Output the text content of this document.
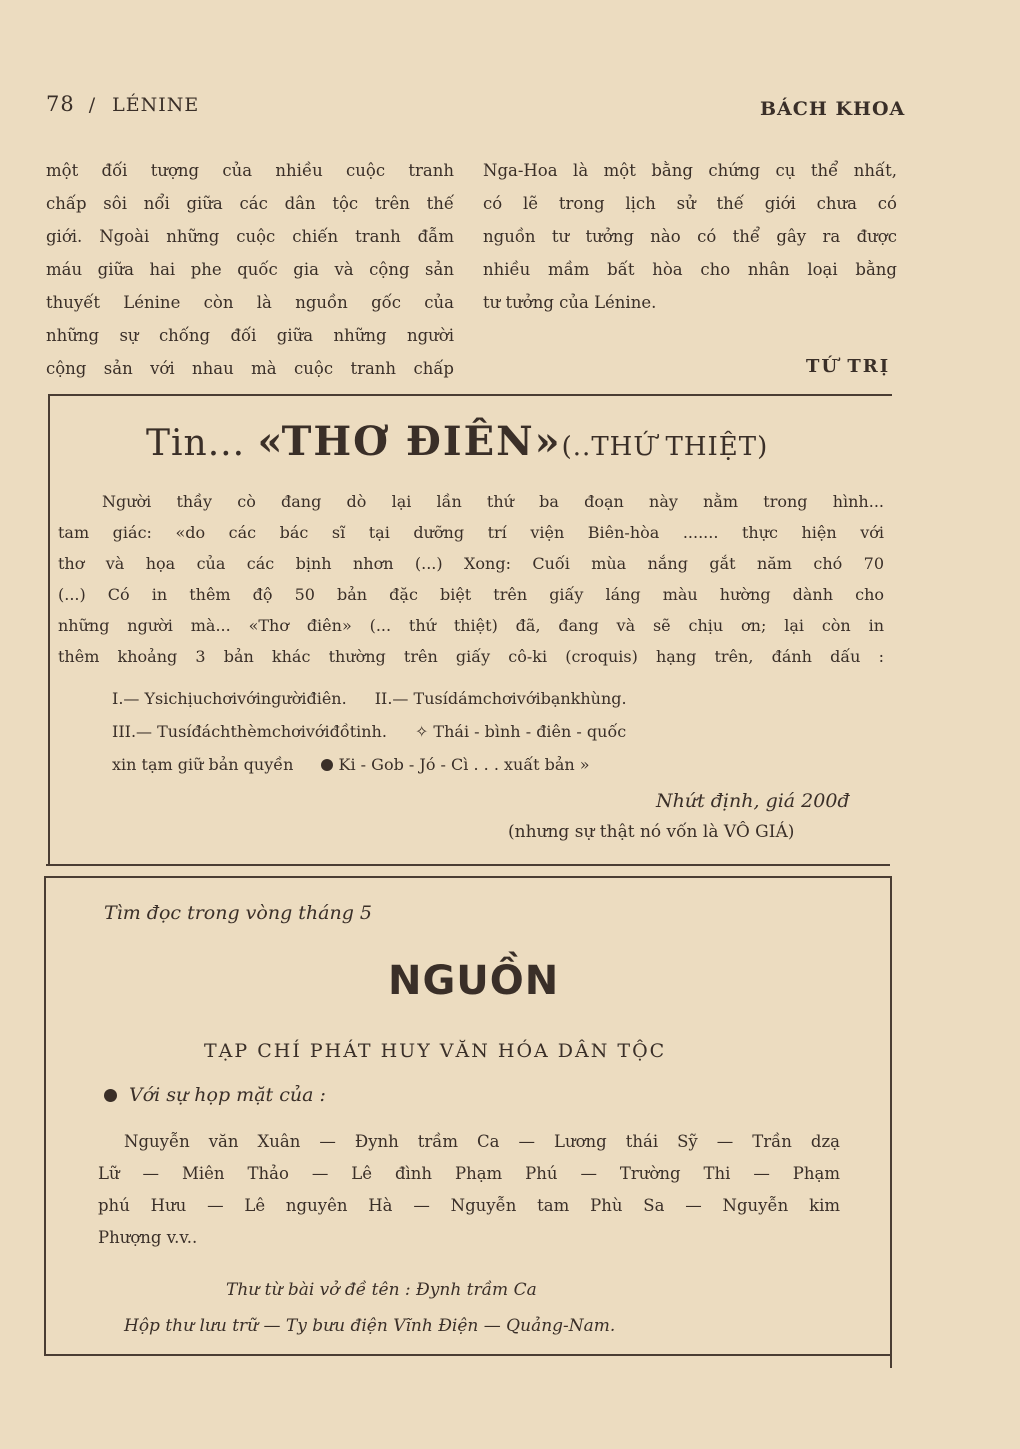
78 / LÉNINE	BÁCH KHOA
một đối tượng của nhiều cuộc tranh
chấp sôi nổi giữa các dân tộc trên thế
giới. Ngoài những cuộc chiến tranh đẫm
máu giữa hai phe quốc gia và cộng sản
thuyết Lénine còn là nguồn gốc của
những sự chống đối giữa những người
cộng sản với nhau mà cuộc tranh chấp
Nga-Hoa là một bằng chứng cụ thể nhất,
có lẽ trong lịch sử thế giới chưa có
nguồn tư tưởng nào có thể gây ra được
nhiều mầm bất hòa cho nhân loại bằng
tư tưởng của Lénine.
TỨ TRỊ
Tin... «THƠ ĐIÊN»(..THỨ THIỆT)
Người thầy cò đang dò lại lần thứ ba đoạn này nằm trong hình...
tam giác: «do các bác sĩ tại dưỡng trí viện Biên-hòa ....... thực hiện với
thơ và họa của các bịnh nhơn (...) Xong: Cuối mùa nắng gắt năm chó 70
(...) Có in thêm độ 50 bản đặc biệt trên giấy láng màu hường dành cho
những người mà... «Thơ điên» (... thứ thiệt) đã, đang và sẽ chịu ơn; lại còn in
thêm khoảng 3 bản khác thường trên giấy cô-ki (croquis) hạng trên, đánh dấu :
I.— Ysichịuchơivớingườiđiên. II.— Tusídámchơivớibạnkhùng.
III.— Tusíđáchthèmchơivớiđồtinh. ✧ Thái - bình - điên - quốc
xin tạm giữ bản quyền	Ki - Gob - Jó - Cì . . . xuất bản »
Nhứt định, giá 200đ
(nhưng sự thật nó vốn là VÔ GIÁ)
Tìm đọc trong vòng tháng 5
NGUỒN
TẠP CHÍ PHÁT HUY VĂN HÓA DÂN TỘC
Với sự họp mặt của :
Nguyễn văn Xuân — Đynh trầm Ca — Lương thái Sỹ — Trần dzạ
Lữ — Miên Thảo — Lê đình Phạm Phú — Trường Thi — Phạm
phú Hưu — Lê nguyên Hà — Nguyễn tam Phù Sa — Nguyễn kim
Phượng v.v..
Thư từ bài vở đề tên : Đynh trầm Ca
Hộp thư lưu trữ — Ty bưu điện Vĩnh Điện — Quảng-Nam.
